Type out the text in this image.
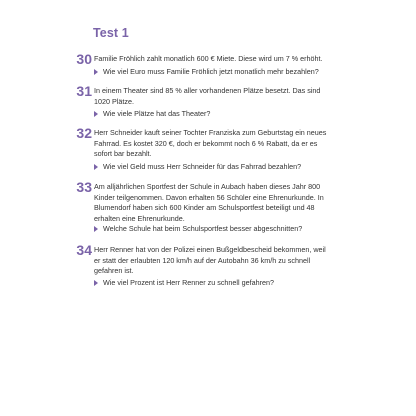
Test 1
30 Familie Fröhlich zahlt monatlich 600 € Miete. Diese wird um 7 % erhöht.
Wie viel Euro muss Familie Fröhlich jetzt monatlich mehr bezahlen?
31 In einem Theater sind 85 % aller vorhandenen Plätze besetzt. Das sind 1020 Plätze.
Wie viele Plätze hat das Theater?
32 Herr Schneider kauft seiner Tochter Franziska zum Geburtstag ein neues Fahrrad. Es kostet 320 €, doch er bekommt noch 6 % Rabatt, da er es sofort bar bezahlt.
Wie viel Geld muss Herr Schneider für das Fahrrad bezahlen?
33 Am alljährlichen Sportfest der Schule in Aubach haben dieses Jahr 800 Kinder teilgenommen. Davon erhalten 56 Schüler eine Ehrenurkunde. In Blumendorf haben sich 600 Kinder am Schulsportfest beteiligt und 48 erhalten eine Ehrenurkunde.
Welche Schule hat beim Schulsportfest besser abgeschnitten?
34 Herr Renner hat von der Polizei einen Bußgeldbescheid bekommen, weil er statt der erlaubten 120 km/h auf der Autobahn 36 km/h zu schnell gefahren ist.
Wie viel Prozent ist Herr Renner zu schnell gefahren?
